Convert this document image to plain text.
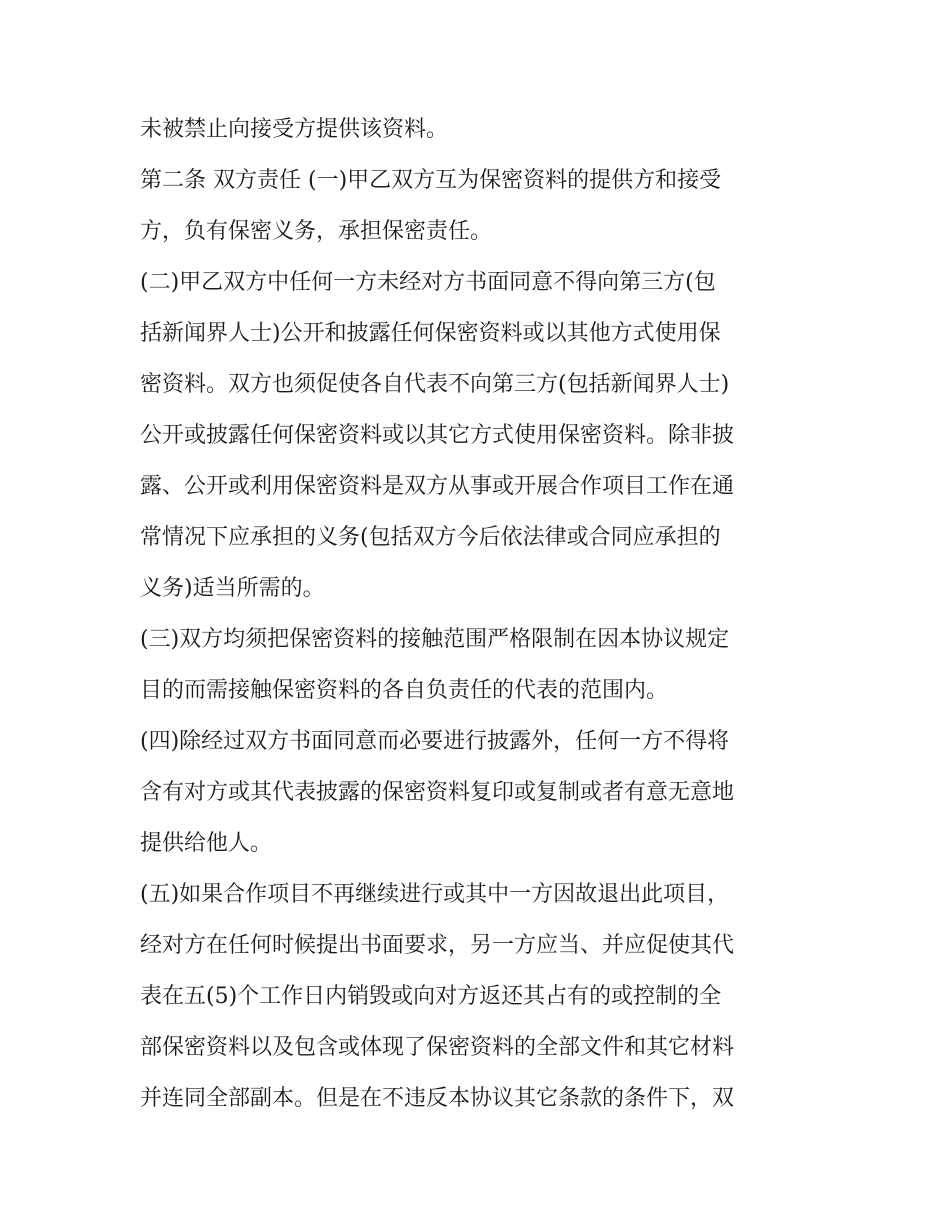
未被禁止向接受方提供该资料。
第二条 双方责任 (一)甲乙双方互为保密资料的提供方和接受
方，负有保密义务，承担保密责任。
(二)甲乙双方中任何一方未经对方书面同意不得向第三方(包
括新闻界人士)公开和披露任何保密资料或以其他方式使用保
密资料。双方也须促使各自代表不向第三方(包括新闻界人士)
公开或披露任何保密资料或以其它方式使用保密资料。除非披
露、公开或利用保密资料是双方从事或开展合作项目工作在通
常情况下应承担的义务(包括双方今后依法律或合同应承担的
义务)适当所需的。
(三)双方均须把保密资料的接触范围严格限制在因本协议规定
目的而需接触保密资料的各自负责任的代表的范围内。
(四)除经过双方书面同意而必要进行披露外，任何一方不得将
含有对方或其代表披露的保密资料复印或复制或者有意无意地
提供给他人。
(五)如果合作项目不再继续进行或其中一方因故退出此项目，
经对方在任何时候提出书面要求，另一方应当、并应促使其代
表在五(5)个工作日内销毁或向对方返还其占有的或控制的全
部保密资料以及包含或体现了保密资料的全部文件和其它材料
并连同全部副本。但是在不违反本协议其它条款的条件下，双
